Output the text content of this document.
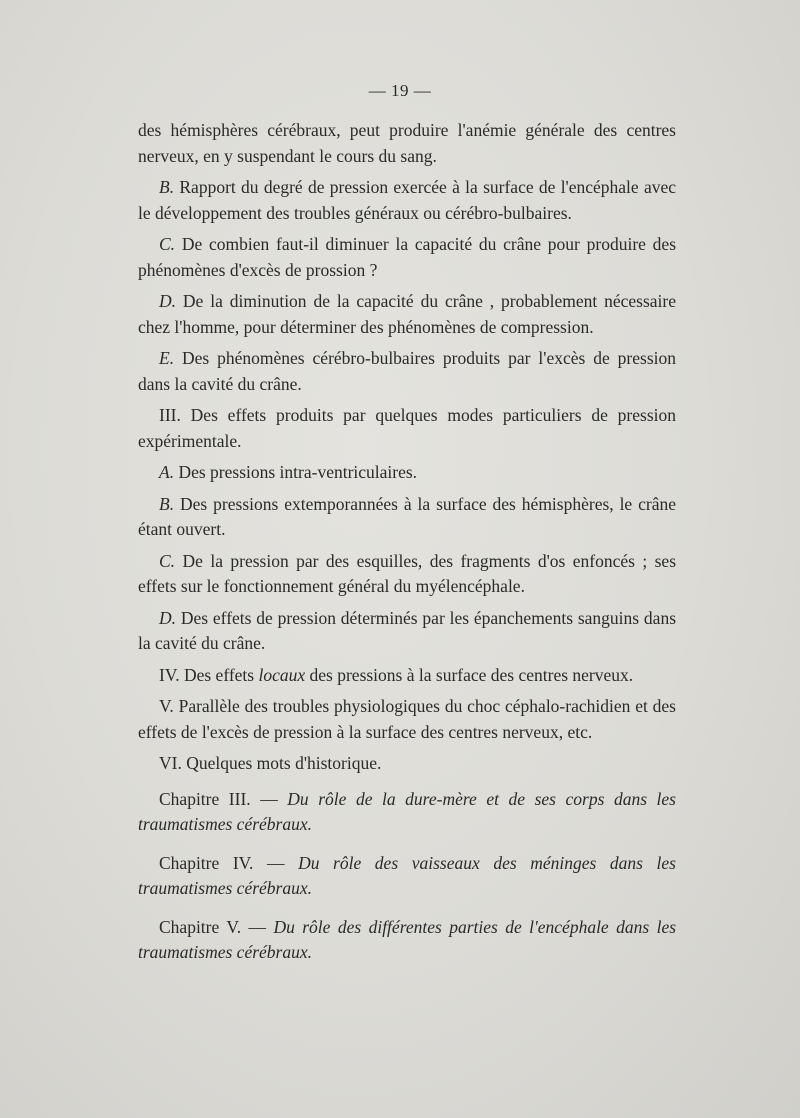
— 19 —

des hémisphères cérébraux, peut produire l'anémie générale des centres nerveux, en y suspendant le cours du sang.

B. Rapport du degré de pression exercée à la surface de l'encéphale avec le développement des troubles généraux ou cérébro-bulbaires.

C. De combien faut-il diminuer la capacité du crâne pour produire des phénomènes d'excès de prossion ?

D. De la diminution de la capacité du crâne , probablement nécessaire chez l'homme, pour déterminer des phénomènes de compression.

E. Des phénomènes cérébro-bulbaires produits par l'excès de pression dans la cavité du crâne.

III. Des effets produits par quelques modes particuliers de pression expérimentale.

A. Des pressions intra-ventriculaires.

B. Des pressions extemporannées à la surface des hémisphères, le crâne étant ouvert.

C. De la pression par des esquilles, des fragments d'os enfoncés ; ses effets sur le fonctionnement général du myélencéphale.

D. Des effets de pression déterminés par les épanchements sanguins dans la cavité du crâne.

IV. Des effets locaux des pressions à la surface des centres nerveux.

V. Parallèle des troubles physiologiques du choc céphalo-rachidien et des effets de l'excès de pression à la surface des centres nerveux, etc.

VI. Quelques mots d'historique.

Chapitre III. — Du rôle de la dure-mère et de ses corps dans les traumatismes cérébraux.

Chapitre IV. — Du rôle des vaisseaux des méninges dans les traumatismes cérébraux.

Chapitre V. — Du rôle des différentes parties de l'encéphale dans les traumatismes cérébraux.
